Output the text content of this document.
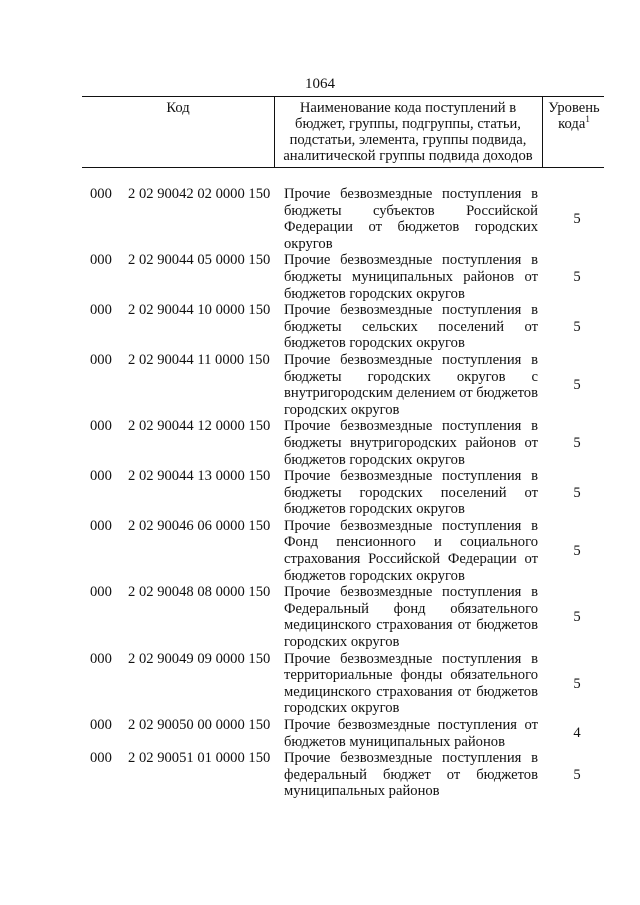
1064
Код	Наименование кода поступлений в бюджет, группы, подгруппы, статьи, подстатьи, элемента, группы подвида, аналитической группы подвида доходов
Уровень кода$^1$
000 2 02 90042 02 0000 150 Прочие безвозмездные поступления в бюджеты субъектов Российской Федерации от бюджетов городских округов
5
000 2 02 90044 05 0000 150 Прочие безвозмездные поступления в бюджеты муниципальных районов от бюджетов городских округов
5
000 2 02 90044 10 0000 150 Прочие безвозмездные поступления в бюджеты сельских поселений от бюджетов городских округов
5
000 2 02 90044 11 0000 150 Прочие безвозмездные поступления в бюджеты городских округов с внутригородским делением от бюджетов городских округов
5
000 2 02 90044 12 0000 150 Прочие безвозмездные поступления в бюджеты внутригородских районов от бюджетов городских округов
5
000 2 02 90044 13 0000 150 Прочие безвозмездные поступления в бюджеты городских поселений от бюджетов городских округов
5
000 2 02 90046 06 0000 150 Прочие безвозмездные поступления в Фонд пенсионного и социального страхования Российской Федерации от бюджетов городских округов
5
000 2 02 90048 08 0000 150 Прочие безвозмездные поступления в Федеральный фонд обязательного медицинского страхования от бюджетов городских округов
5
000 2 02 90049 09 0000 150 Прочие безвозмездные поступления в территориальные фонды обязательного медицинского страхования от бюджетов городских округов
5
000 2 02 90050 00 0000 150 Прочие безвозмездные поступления от бюджетов муниципальных районов
4
000 2 02 90051 01 0000 150 Прочие безвозмездные поступления в федеральный бюджет от бюджетов муниципальных районов
5
